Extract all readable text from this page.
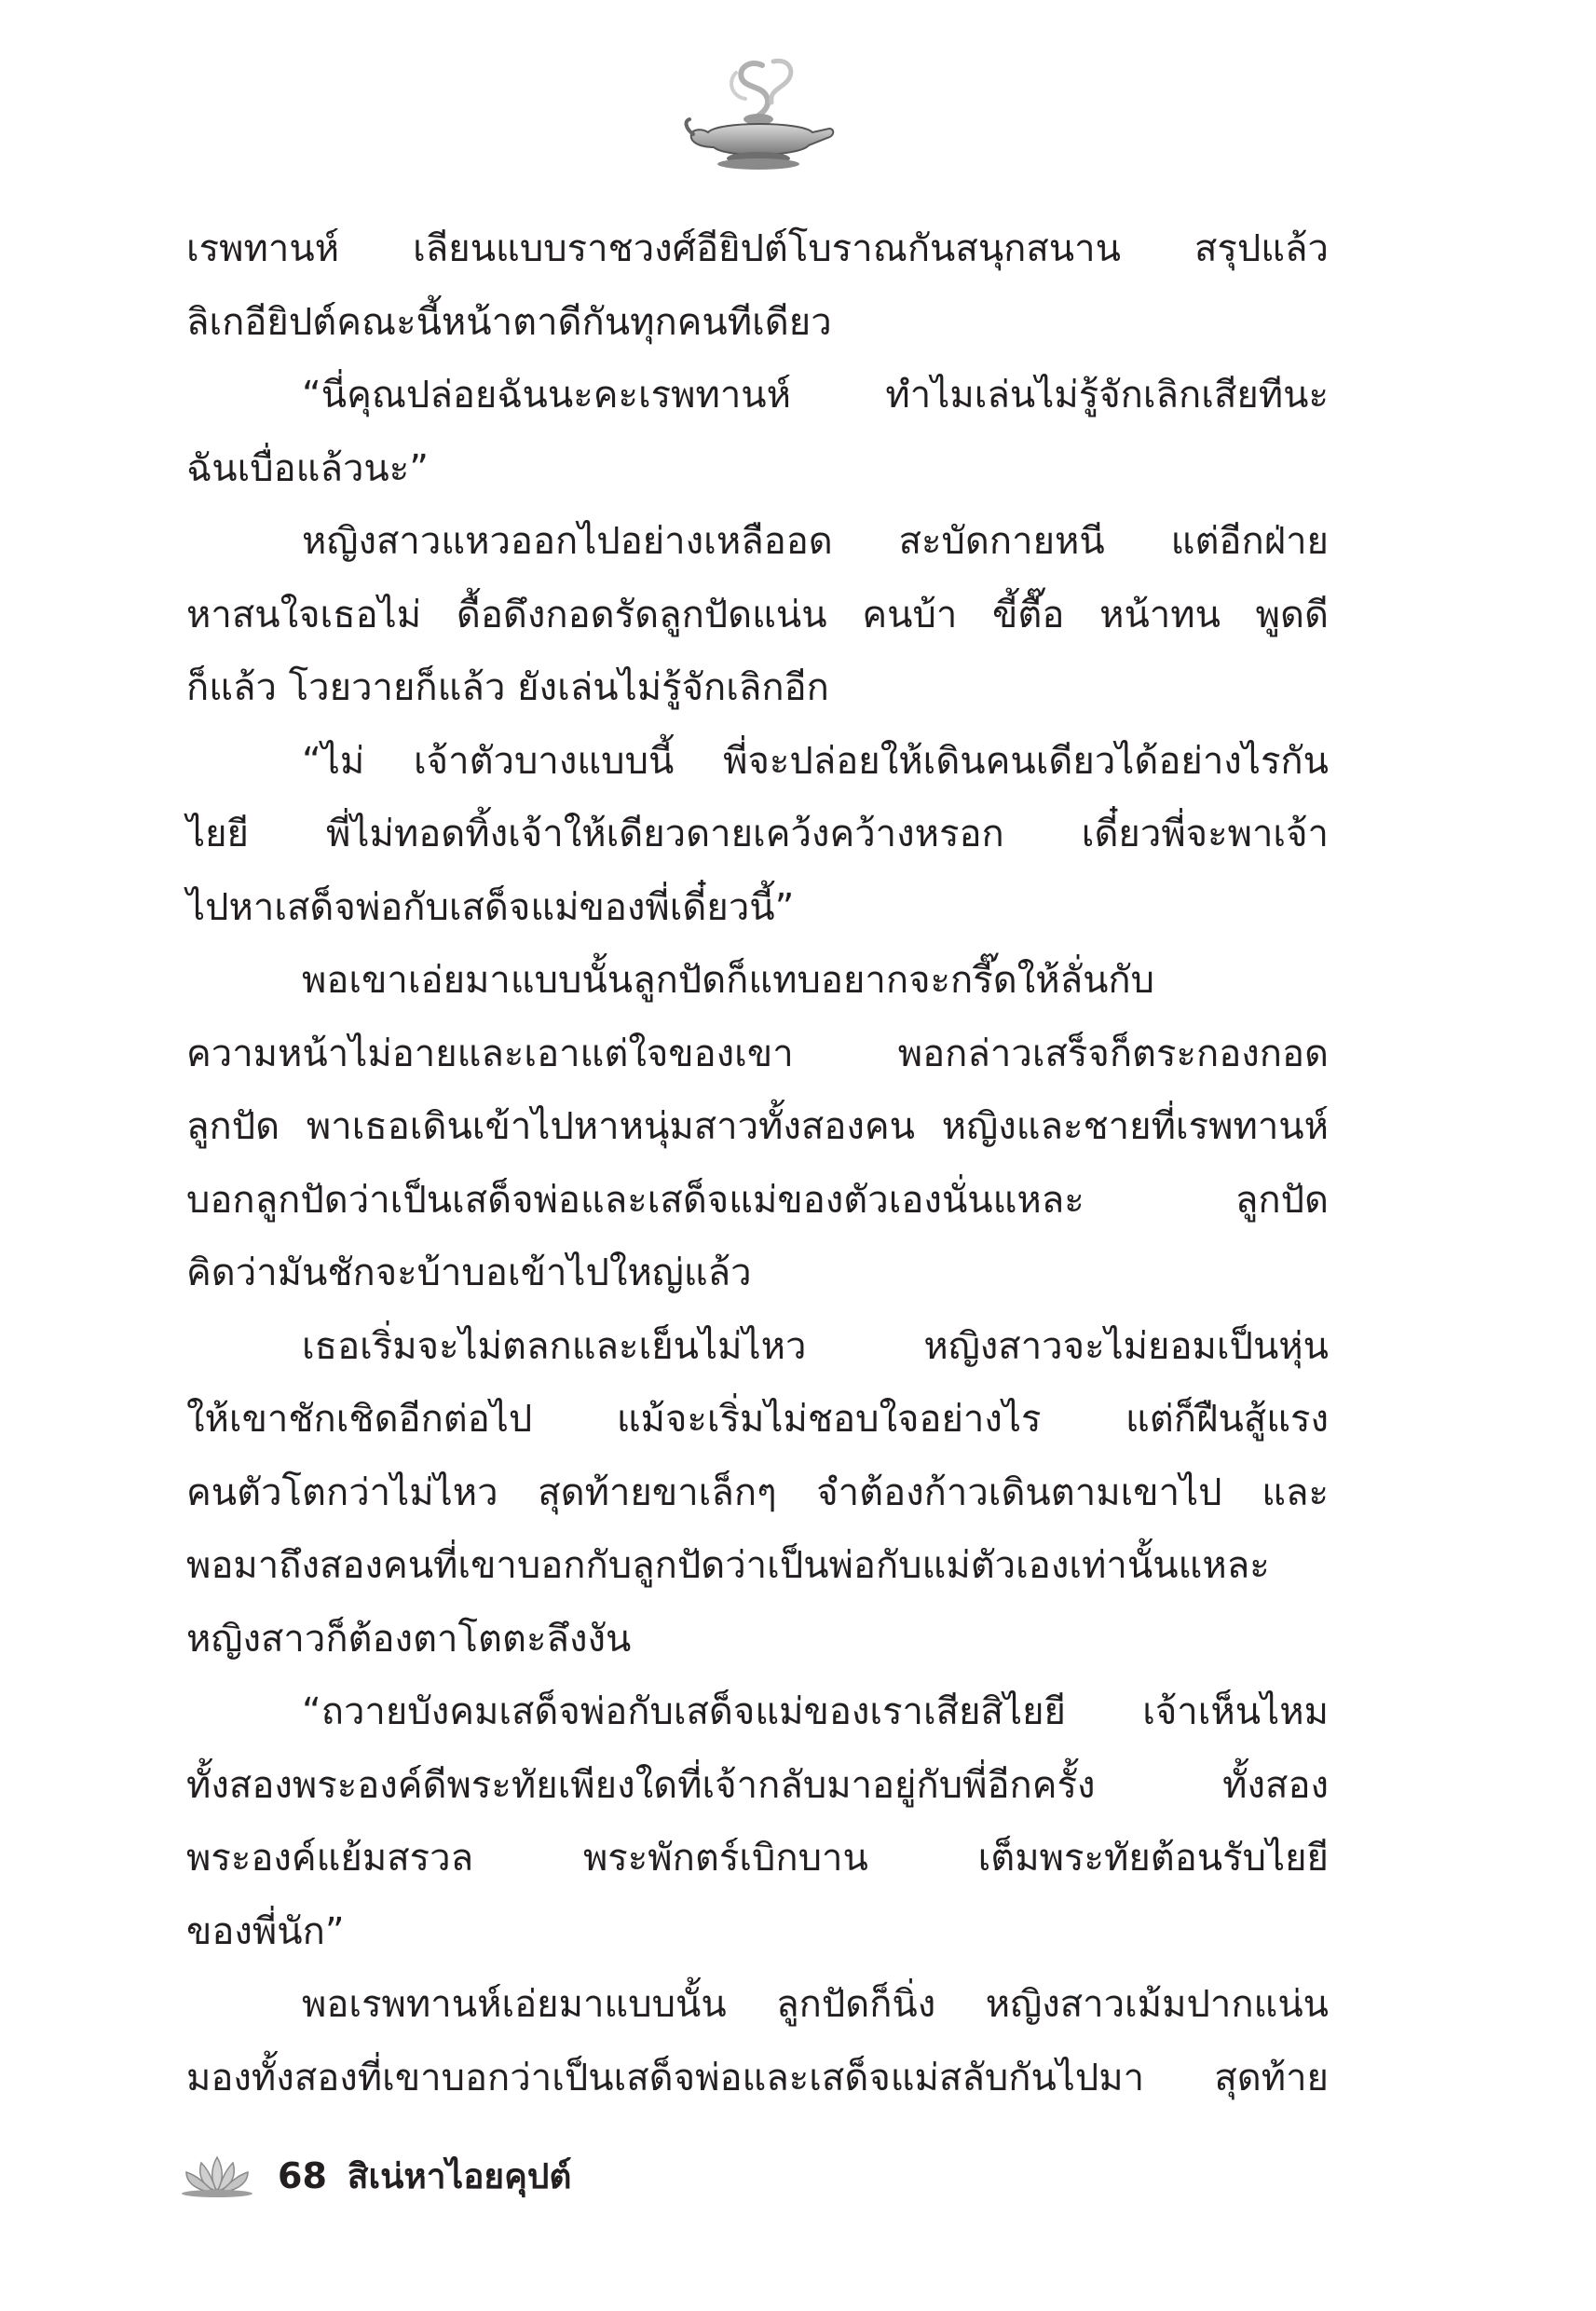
เรพทานห์ เลียนแบบราชวงศ์อียิปต์โบราณกันสนุกสนาน สรุปแล้ว
ลิเกอียิปต์คณะนี้หน้าตาดีกันทุกคนทีเดียว
“นี่คุณปล่อยฉันนะคะเรพทานห์ ทำไมเล่นไม่รู้จักเลิกเสียทีนะ
ฉันเบื่อแล้วนะ”
หญิงสาวแหวออกไปอย่างเหลืออด สะบัดกายหนี แต่อีกฝ่าย
หาสนใจเธอไม่ ดื้อดึงกอดรัดลูกปัดแน่น คนบ้า ขี้ตื๊อ หน้าทน พูดดี
ก็แล้ว โวยวายก็แล้ว ยังเล่นไม่รู้จักเลิกอีก
“ไม่ เจ้าตัวบางแบบนี้ พี่จะปล่อยให้เดินคนเดียวได้อย่างไรกัน
ไยยี พี่ไม่ทอดทิ้งเจ้าให้เดียวดายเคว้งคว้างหรอก เดี๋ยวพี่จะพาเจ้า
ไปหาเสด็จพ่อกับเสด็จแม่ของพี่เดี๋ยวนี้”
พอเขาเอ่ยมาแบบนั้นลูกปัดก็แทบอยากจะกรี๊ดให้ลั่นกับ
ความหน้าไม่อายและเอาแต่ใจของเขา พอกล่าวเสร็จก็ตระกองกอด
ลูกปัด พาเธอเดินเข้าไปหาหนุ่มสาวทั้งสองคน หญิงและชายที่เรพทานห์
บอกลูกปัดว่าเป็นเสด็จพ่อและเสด็จแม่ของตัวเองนั่นแหละ ลูกปัด
คิดว่ามันชักจะบ้าบอเข้าไปใหญ่แล้ว
เธอเริ่มจะไม่ตลกและเย็นไม่ไหว หญิงสาวจะไม่ยอมเป็นหุ่น
ให้เขาชักเชิดอีกต่อไป แม้จะเริ่มไม่ชอบใจอย่างไร แต่ก็ฝืนสู้แรง
คนตัวโตกว่าไม่ไหว สุดท้ายขาเล็กๆ จำต้องก้าวเดินตามเขาไป และ
พอมาถึงสองคนที่เขาบอกกับลูกปัดว่าเป็นพ่อกับแม่ตัวเองเท่านั้นแหละ
หญิงสาวก็ต้องตาโตตะลึงงัน
“ถวายบังคมเสด็จพ่อกับเสด็จแม่ของเราเสียสิไยยี เจ้าเห็นไหม
ทั้งสองพระองค์ดีพระทัยเพียงใดที่เจ้ากลับมาอยู่กับพี่อีกครั้ง ทั้งสอง
พระองค์แย้มสรวล พระพักตร์เบิกบาน เต็มพระทัยต้อนรับไยยี
ของพี่นัก”
พอเรพทานห์เอ่ยมาแบบนั้น ลูกปัดก็นิ่ง หญิงสาวเม้มปากแน่น
มองทั้งสองที่เขาบอกว่าเป็นเสด็จพ่อและเสด็จแม่สลับกันไปมา สุดท้าย
68 สิเน่หาไอยคุปต์
